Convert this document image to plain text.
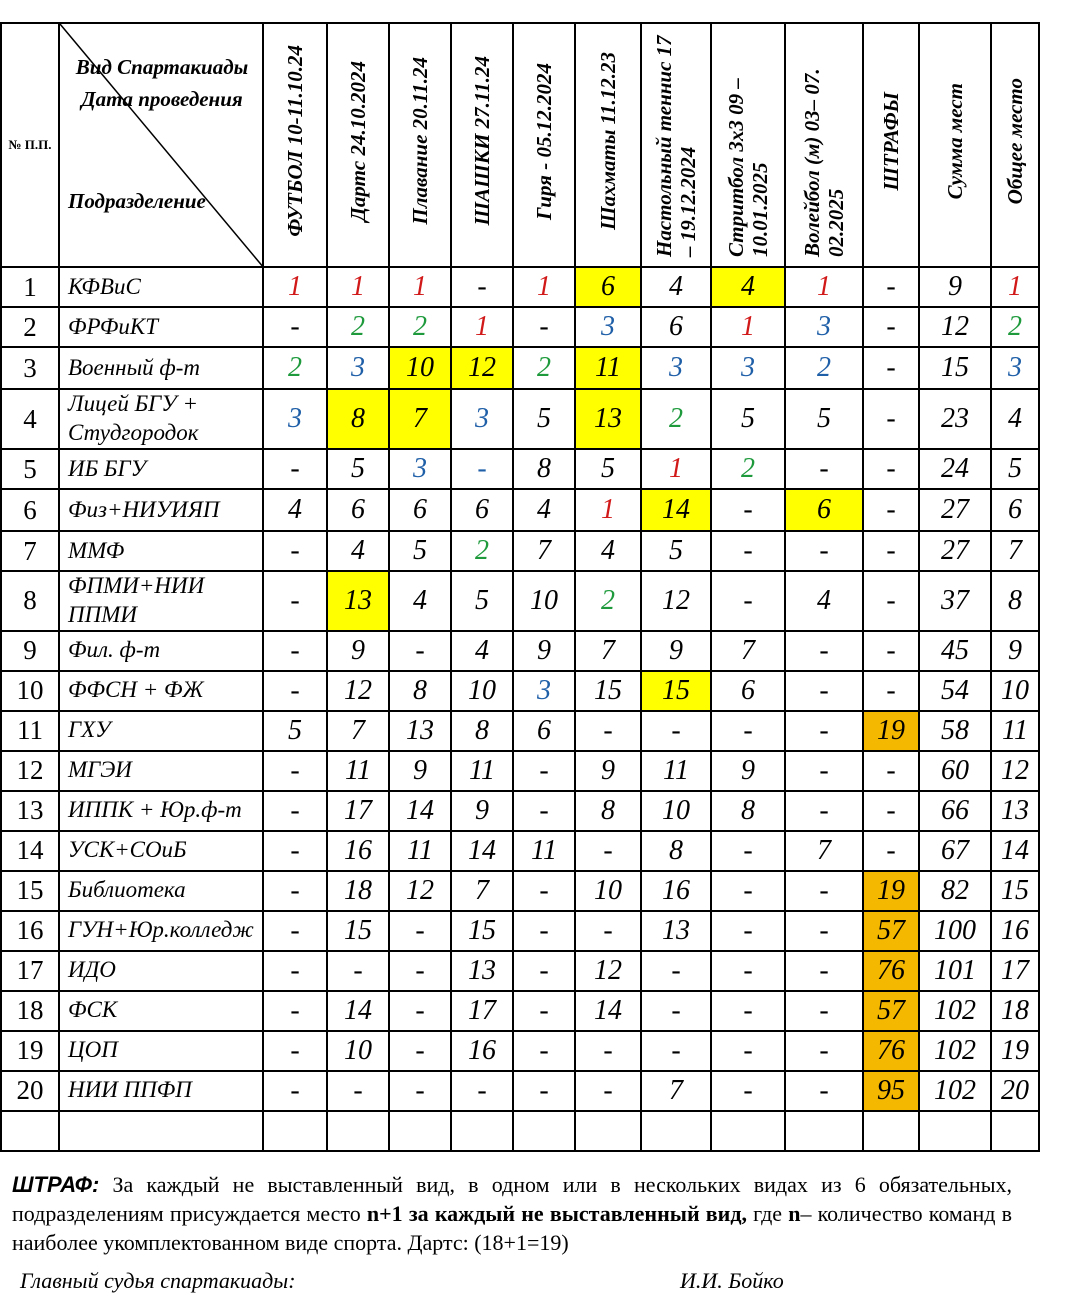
№ П.П.	Вид Спартакиады Дата проведения
Подразделение	ФУТБОЛ 10-11.10.24	Дартс 24.10.2024	Плавание 20.11.24	ШАШКИ 27.11.24	Гиря - 05.12.2024	Шахматы 11.12.23	Настольный теннис 17 – 19.12.2024	Стритбол 3х3 09 – 10.01.2025	Волейбол (м) 03– 07. 02.2025	ШТРАФЫ	Сумма мест	Общее место
1	КФВиС	1	1	1	-	1	6	4	4	1	-	9	1
2	ФРФиКТ	-	2	2	1	-	3	6	1	3	-	12	2
3	Военный ф-т	2	3	10	12	2	11	3	3	2	-	15	3
4	Лицей БГУ + Студгородок	3	8	7	3	5	13	2	5	5	-	23	4
5	ИБ БГУ	-	5	3	-	8	5	1	2	-	-	24	5
6	Физ+НИУИЯП	4	6	6	6	4	1	14	-	6	-	27	6
7	ММФ	-	4	5	2	7	4	5	-	-	-	27	7
8	ФПМИ+НИИ ППМИ	-	13	4	5	10	2	12	-	4	-	37	8
9	Фил. ф-т	-	9	-	4	9	7	9	7	-	-	45	9
10	ФФСН + ФЖ	-	12	8	10	3	15	15	6	-	-	54	10
11	ГХУ	5	7	13	8	6	-	-	-	-	19	58	11
12	МГЭИ	-	11	9	11	-	9	11	9	-	-	60	12
13	ИППК + Юр.ф-т	-	17	14	9	-	8	10	8	-	-	66	13
14	УСК+СОиБ	-	16	11	14	11	-	8	-	7	-	67	14
15	Библиотека	-	18	12	7	-	10	16	-	-	19	82	15
16	ГУН+Юр.колледж	-	15	-	15	-	-	13	-	-	57	100	16
17	ИДО	-	-	-	13	-	12	-	-	-	76	101	17
18	ФСК	-	14	-	17	-	14	-	-	-	57	102	18
19	ЦОП	-	10	-	16	-	-	-	-	-	76	102	19
20	НИИ ППФП	-	-	-	-	-	-	7	-	-	95	102	20

ШТРАФ: За каждый не выставленный вид, в одном или в нескольких видах из 6 обязательных, подразделениям присуждается место n+1 за каждый не выставленный вид, где n– количество команд в наиболее укомплектованном виде спорта. Дартс: (18+1=19)
Главный судья спартакиады:	И.И. Бойко
